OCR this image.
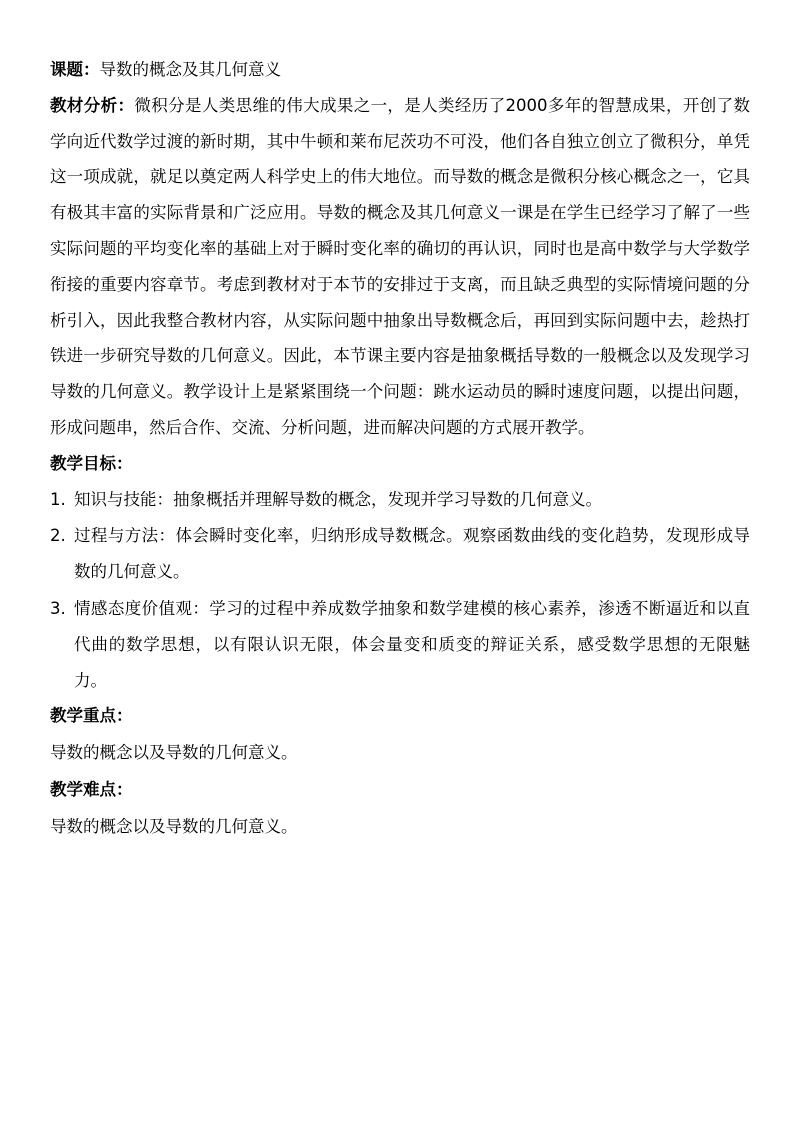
课题：导数的概念及其几何意义
教材分析：微积分是人类思维的伟大成果之一，是人类经历了2000多年的智慧成果，开创了数学向近代数学过渡的新时期，其中牛顿和莱布尼茨功不可没，他们各自独立创立了微积分，单凭这一项成就，就足以奠定两人科学史上的伟大地位。而导数的概念是微积分核心概念之一，它具有极其丰富的实际背景和广泛应用。导数的概念及其几何意义一课是在学生已经学习了解了一些实际问题的平均变化率的基础上对于瞬时变化率的确切的再认识，同时也是高中数学与大学数学衔接的重要内容章节。考虑到教材对于本节的安排过于支离，而且缺乏典型的实际情境问题的分析引入，因此我整合教材内容，从实际问题中抽象出导数概念后，再回到实际问题中去，趁热打铁进一步研究导数的几何意义。因此，本节课主要内容是抽象概括导数的一般概念以及发现学习导数的几何意义。教学设计上是紧紧围绕一个问题：跳水运动员的瞬时速度问题，以提出问题，形成问题串，然后合作、交流、分析问题，进而解决问题的方式展开教学。
教学目标：
1. 知识与技能：抽象概括并理解导数的概念，发现并学习导数的几何意义。
2. 过程与方法：体会瞬时变化率，归纳形成导数概念。观察函数曲线的变化趋势，发现形成导数的几何意义。
3. 情感态度价值观：学习的过程中养成数学抽象和数学建模的核心素养，渗透不断逼近和以直代曲的数学思想，以有限认识无限，体会量变和质变的辩证关系，感受数学思想的无限魅力。
教学重点：
导数的概念以及导数的几何意义。
教学难点：
导数的概念以及导数的几何意义。
